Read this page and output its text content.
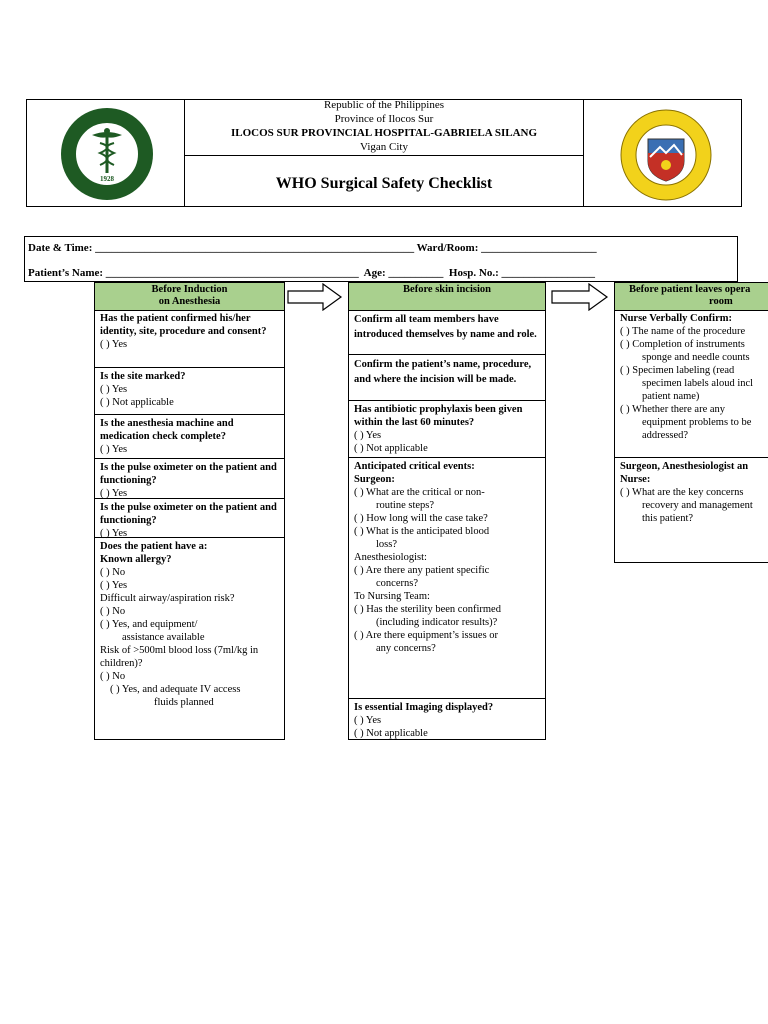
Republic of the Philippines
Province of Ilocos Sur
ILOCOS SUR PROVINCIAL HOSPITAL-GABRIELA SILANG
Vigan City
WHO Surgical Safety Checklist
1928
Date & Time: __________________________________________________________ Ward/Room: _____________________
Patient’s Name: ______________________________________________  Age: __________  Hosp. No.: _________________
Before Induction
on Anesthesia
Has the patient confirmed his/her identity, site, procedure and consent?
( ) Yes
Is the site marked?
( ) Yes
( ) Not applicable
Is the anesthesia machine and medication check complete?
( ) Yes
Is the pulse oximeter on the patient and functioning?
( ) Yes
Is the pulse oximeter on the patient and functioning?
( ) Yes
Does the patient have a:
Known allergy?
( ) No
( ) Yes
Difficult airway/aspiration risk?
( ) No
( ) Yes, and equipment/
assistance available
Risk of >500ml blood loss (7ml/kg in children)?
( ) No
( ) Yes, and adequate IV access
fluids planned
Before skin incision
Confirm all team members have introduced themselves by name and role.
Confirm the patient’s name, procedure, and where the incision will be made.
Has antibiotic prophylaxis been given within the last 60 minutes?
( ) Yes
( ) Not applicable
Anticipated critical events:
Surgeon:
( ) What are the critical or non-
routine steps?
( ) How long will the case take?
( ) What is the anticipated blood
loss?
Anesthesiologist:
( ) Are there any patient specific
concerns?
To Nursing Team:
( ) Has the sterility been confirmed
(including indicator results)?
( ) Are there equipment’s issues or
any concerns?
Is essential Imaging displayed?
( ) Yes
( ) Not applicable
Before patient leaves opera
room
Nurse Verbally Confirm:
( ) The name of the procedure
( ) Completion of instruments
sponge and needle counts
( ) Specimen labeling (read
specimen labels aloud incl
patient name)
( ) Whether there are any
equipment problems to be
addressed?
Surgeon, Anesthesiologist an
Nurse:
( ) What are the key concerns
recovery and management
this patient?
